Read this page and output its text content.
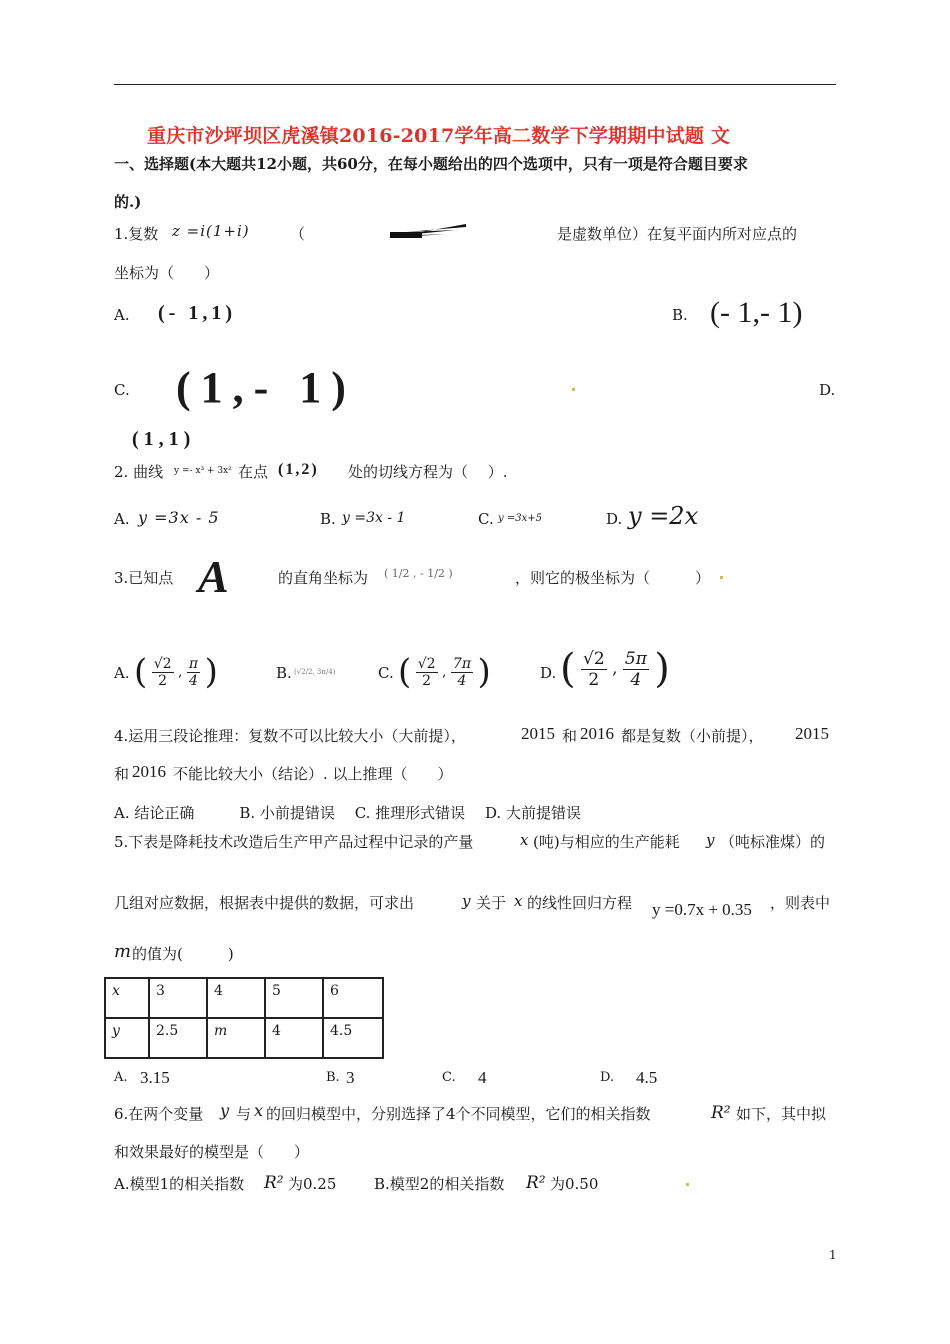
重庆市沙坪坝区虎溪镇2016-2017学年高二数学下学期期中试题 文
一、选择题(本大题共12小题，共60分，在每小题给出的四个选项中，只有一项是符合题目要求
的.)
1.复数 z =i(1+i)	（	是虚数单位）在复平面内所对应点的
坐标为（　　）
A. (- 1,1)	B. (- 1,- 1)
C. (1,- 1)	D.
(1,1)
2. 曲线 y =- x³ + 3x² 在点 (1,2) 处的切线方程为（　 ）.
A. y =3x - 5	B. y =3x - 1	C. y =3x+5	D. y =2x
3.已知点 A	的直角坐标为 ( 1/2 , - 1/2 )	，则它的极坐标为（　　　）
A. ( $\frac{√2}{2}$ , $\frac{\pi}{4}$ )	B. (√2/2, 3π/4)	C. ( $\frac{√2}{2}$ , $\frac{7\pi}{4}$ )	D. ( $\frac{√2}{2}$ , $\frac{5\pi}{4}$ )
4.运用三段论推理：复数不可以比较大小（大前提），	2015 和 2016 都是复数（小前提）， 2015
和 2016 不能比较大小（结论）. 以上推理（　　）
A. 结论正确　　　B. 小前提错误　 C. 推理形式错误　 D. 大前提错误
5.下表是降耗技术改造后生产甲产品过程中记录的产量	x (吨)与相应的生产能耗 y （吨标准煤）的
几组对应数据，根据表中提供的数据，可求出	y 关于 x 的线性回归方程 y =0.7x + 0.35 ，则表中
m 的值为(　　　)
x	3	4	5	6
y	2.5	m	4	4.5
A. 3.15	B. 3	C. 4	D. 4.5
6.在两个变量 y 与 x 的回归模型中，分别选择了4个不同模型，它们的相关指数	R² 如下，其中拟
和效果最好的模型是（　　）
A.模型1的相关指数 R² 为0.25	B.模型2的相关指数 R² 为0.50
1
